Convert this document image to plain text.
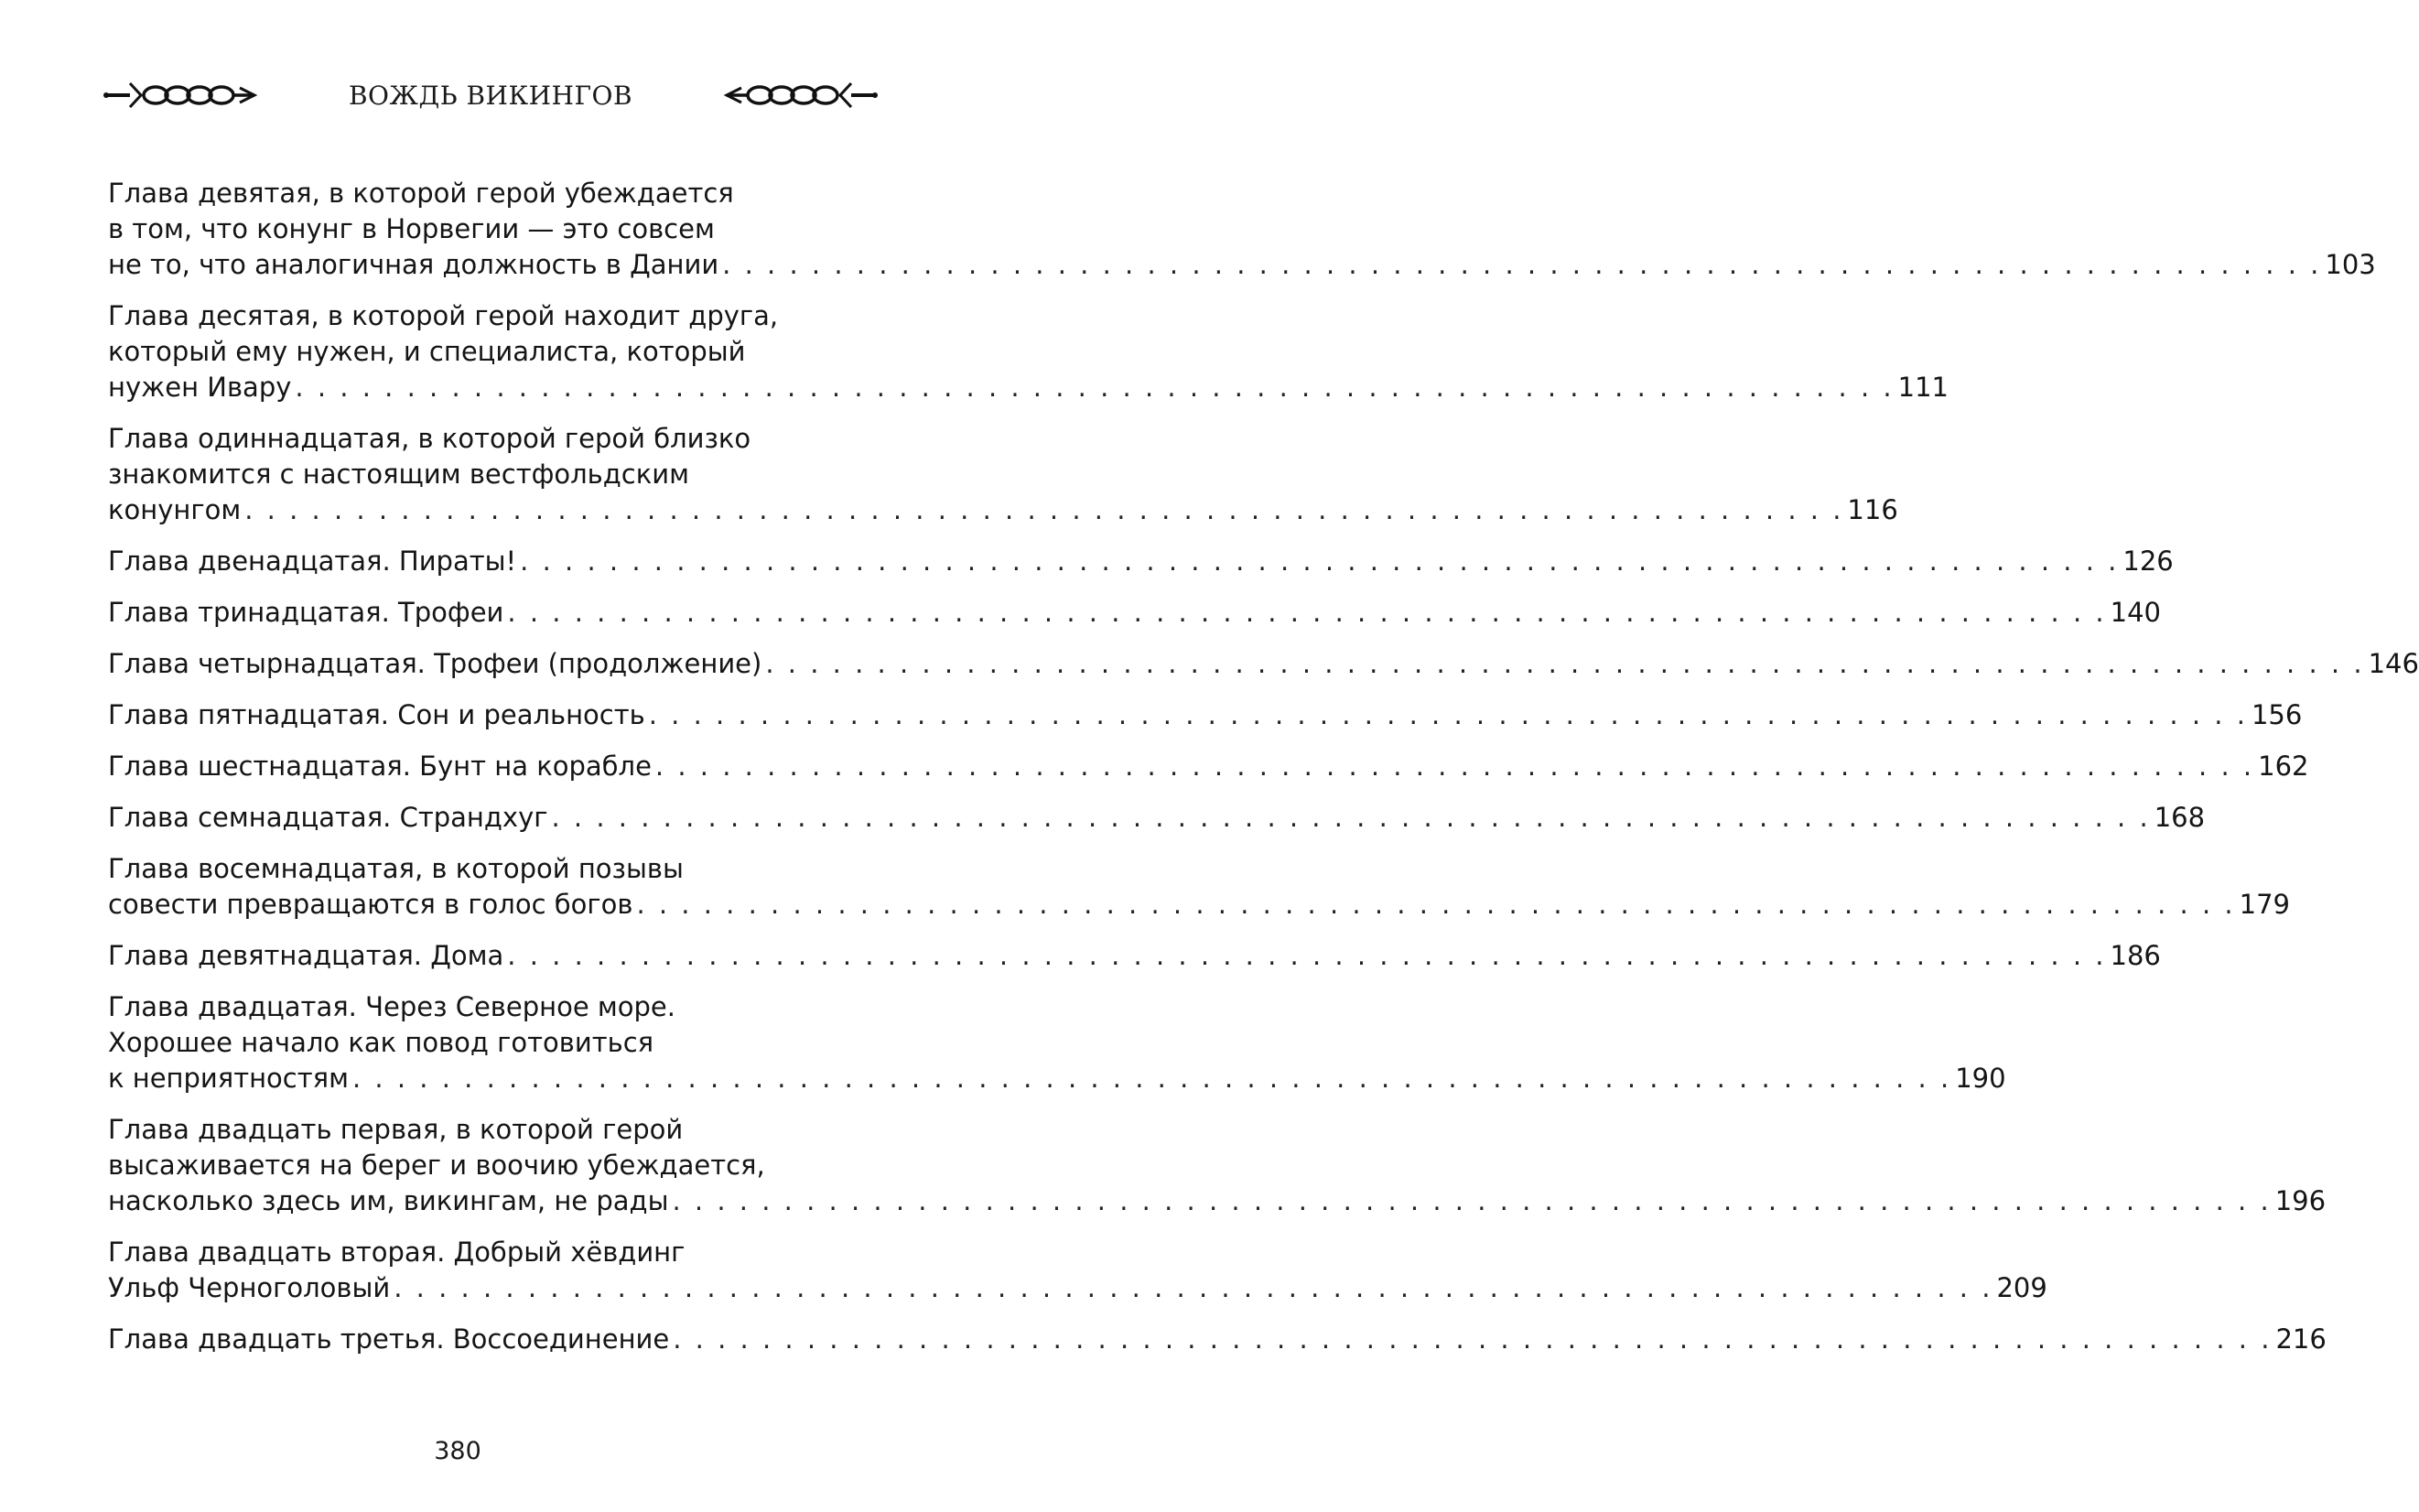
ВОЖДЬ ВИКИНГОВ
Глава девятая, в которой герой убеждается
в том, что конунг в Норвегии — это совсем
не то, что аналогичная должность в Дании . . . . . . . . . . . . . . . . . . . . . . . . . . . . . . . . . . . . . . . . . . . . . . . . . . . . . . . . . . . . . . . . . . . . . . . . 103
Глава десятая, в которой герой находит друга,
который ему нужен, и специалиста, который
нужен Ивару . . . . . . . . . . . . . . . . . . . . . . . . . . . . . . . . . . . . . . . . . . . . . . . . . . . . . . . . . . . . . . . . . . . . . . . . 111
Глава одиннадцатая, в которой герой близко
знакомится с настоящим вестфольдским
конунгом . . . . . . . . . . . . . . . . . . . . . . . . . . . . . . . . . . . . . . . . . . . . . . . . . . . . . . . . . . . . . . . . . . . . . . . . 116
Глава двенадцатая. Пираты! . . . . . . . . . . . . . . . . . . . . . . . . . . . . . . . . . . . . . . . . . . . . . . . . . . . . . . . . . . . . . . . . . . . . . . . . 126
Глава тринадцатая. Трофеи . . . . . . . . . . . . . . . . . . . . . . . . . . . . . . . . . . . . . . . . . . . . . . . . . . . . . . . . . . . . . . . . . . . . . . . . 140
Глава четырнадцатая. Трофеи (продолжение) . . . . . . . . . . . . . . . . . . . . . . . . . . . . . . . . . . . . . . . . . . . . . . . . . . . . . . . . . . . . . . . . . . . . . . . . 146
Глава пятнадцатая. Сон и реальность . . . . . . . . . . . . . . . . . . . . . . . . . . . . . . . . . . . . . . . . . . . . . . . . . . . . . . . . . . . . . . . . . . . . . . . . 156
Глава шестнадцатая. Бунт на корабле . . . . . . . . . . . . . . . . . . . . . . . . . . . . . . . . . . . . . . . . . . . . . . . . . . . . . . . . . . . . . . . . . . . . . . . . 162
Глава семнадцатая. Страндхуг . . . . . . . . . . . . . . . . . . . . . . . . . . . . . . . . . . . . . . . . . . . . . . . . . . . . . . . . . . . . . . . . . . . . . . . . 168
Глава восемнадцатая, в которой позывы
совести превращаются в голос богов . . . . . . . . . . . . . . . . . . . . . . . . . . . . . . . . . . . . . . . . . . . . . . . . . . . . . . . . . . . . . . . . . . . . . . . . 179
Глава девятнадцатая. Дома . . . . . . . . . . . . . . . . . . . . . . . . . . . . . . . . . . . . . . . . . . . . . . . . . . . . . . . . . . . . . . . . . . . . . . . . 186
Глава двадцатая. Через Северное море.
Хорошее начало как повод готовиться
к неприятностям . . . . . . . . . . . . . . . . . . . . . . . . . . . . . . . . . . . . . . . . . . . . . . . . . . . . . . . . . . . . . . . . . . . . . . . . 190
Глава двадцать первая, в которой герой
высаживается на берег и воочию убеждается,
насколько здесь им, викингам, не рады . . . . . . . . . . . . . . . . . . . . . . . . . . . . . . . . . . . . . . . . . . . . . . . . . . . . . . . . . . . . . . . . . . . . . . . . 196
Глава двадцать вторая. Добрый хёвдинг
Ульф Черноголовый . . . . . . . . . . . . . . . . . . . . . . . . . . . . . . . . . . . . . . . . . . . . . . . . . . . . . . . . . . . . . . . . . . . . . . . . 209
Глава двадцать третья. Воссоединение . . . . . . . . . . . . . . . . . . . . . . . . . . . . . . . . . . . . . . . . . . . . . . . . . . . . . . . . . . . . . . . . . . . . . . . . 216
380
